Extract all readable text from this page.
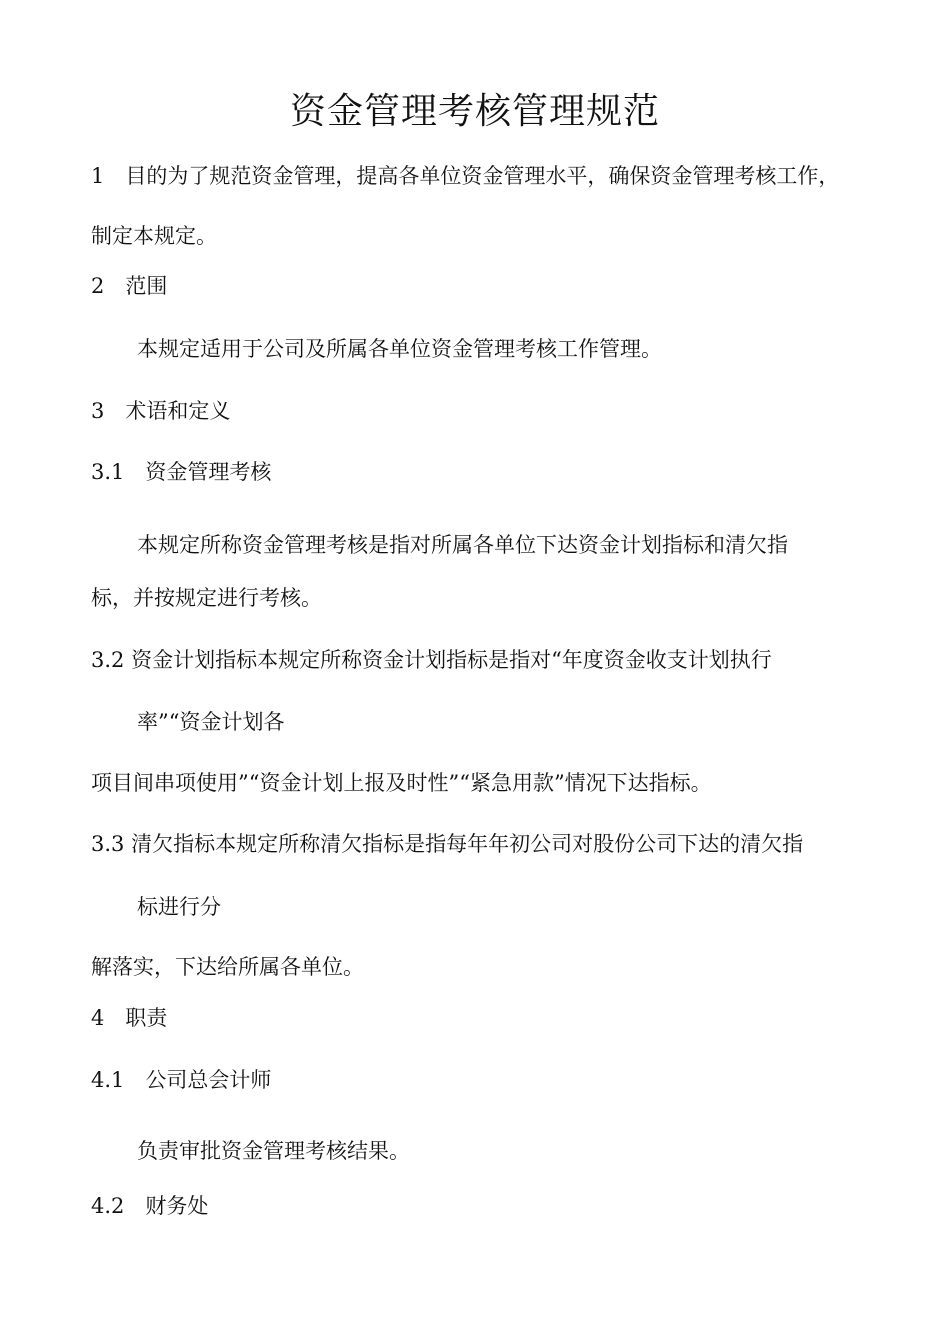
资金管理考核管理规范

1　目的为了规范资金管理，提高各单位资金管理水平，确保资金管理考核工作，

制定本规定。

2　范围

本规定适用于公司及所属各单位资金管理考核工作管理。

3　术语和定义

3.1　资金管理考核

本规定所称资金管理考核是指对所属各单位下达资金计划指标和清欠指

标，并按规定进行考核。

3.2 资金计划指标本规定所称资金计划指标是指对“年度资金收支计划执行

率”“资金计划各

项目间串项使用”“资金计划上报及时性”“紧急用款”情况下达指标。

3.3 清欠指标本规定所称清欠指标是指每年年初公司对股份公司下达的清欠指

标进行分

解落实，下达给所属各单位。

4　职责

4.1　公司总会计师

负责审批资金管理考核结果。

4.2　财务处
